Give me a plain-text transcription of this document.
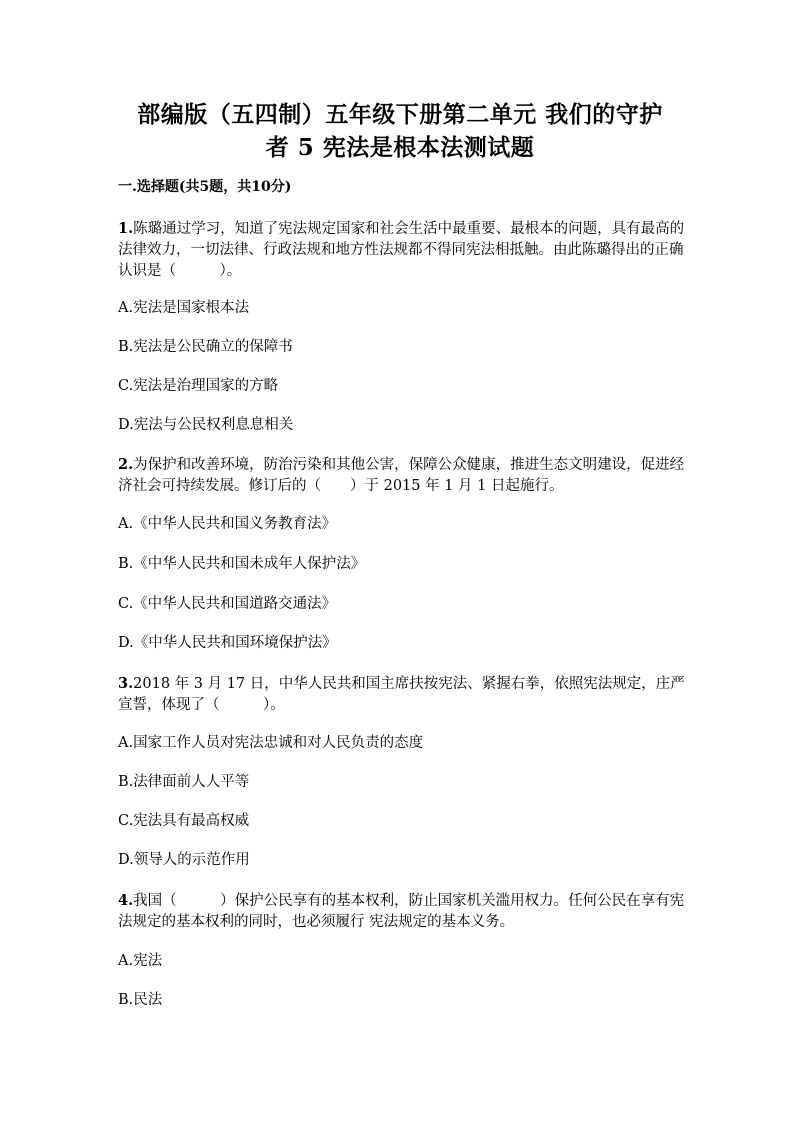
部编版（五四制）五年级下册第二单元 我们的守护
者 5 宪法是根本法测试题
一.选择题(共5题，共10分)
1.陈璐通过学习，知道了宪法规定国家和社会生活中最重要、最根本的问题，具有最高的法律效力，一切法律、行政法规和地方性法规都不得同宪法相抵触。由此陈璐得出的正确认识是（　　　）。
A.宪法是国家根本法
B.宪法是公民确立的保障书
C.宪法是治理国家的方略
D.宪法与公民权利息息相关
2.为保护和改善环境，防治污染和其他公害，保障公众健康，推进生态文明建设，促进经济社会可持续发展。修订后的（　　）于 2015 年 1 月 1 日起施行。
A.《中华人民共和国义务教育法》
B.《中华人民共和国未成年人保护法》
C.《中华人民共和国道路交通法》
D.《中华人民共和国环境保护法》
3.2018 年 3 月 17 日，中华人民共和国主席扶按宪法、紧握右拳，依照宪法规定，庄严宣誓，体现了（　　　）。
A.国家工作人员对宪法忠诚和对人民负责的态度
B.法律面前人人平等
C.宪法具有最高权威
D.领导人的示范作用
4.我国（　　　）保护公民享有的基本权利，防止国家机关滥用权力。任何公民在享有宪法规定的基本权利的同时，也必须履行 宪法规定的基本义务。
A.宪法
B.民法
